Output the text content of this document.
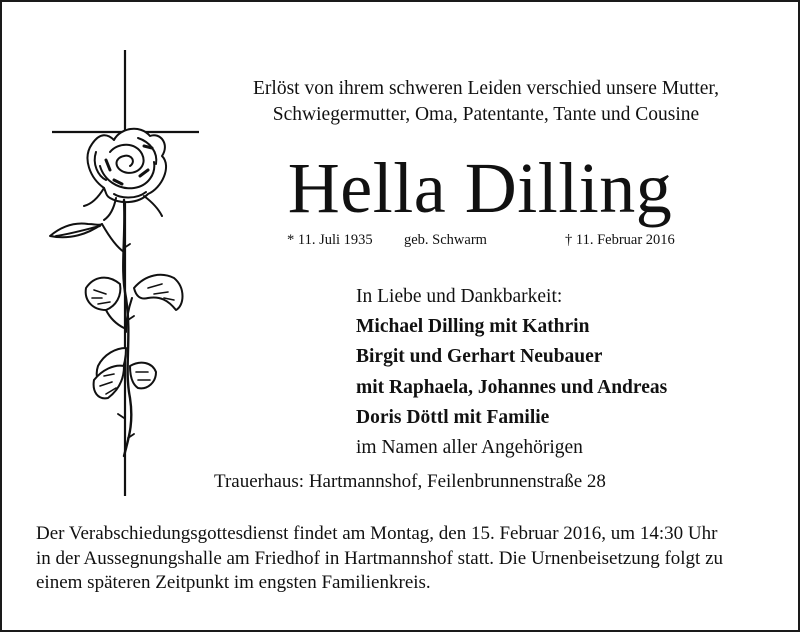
Erlöst von ihrem schweren Leiden verschied unsere Mutter,
Schwiegermutter, Oma, Patentante, Tante und Cousine
Hella Dilling
* 11. Juli 1935 geb. Schwarm	† 11. Februar 2016
In Liebe und Dankbarkeit:
Michael Dilling mit Kathrin
Birgit und Gerhart Neubauer
mit Raphaela, Johannes und Andreas
Doris Döttl mit Familie
im Namen aller Angehörigen
Trauerhaus: Hartmannshof, Feilenbrunnenstraße 28
Der Verabschiedungsgottesdienst findet am Montag, den 15. Februar 2016, um 14:30 Uhr
in der Aussegnungshalle am Friedhof in Hartmannshof statt. Die Urnenbeisetzung folgt zu
einem späteren Zeitpunkt im engsten Familienkreis.
